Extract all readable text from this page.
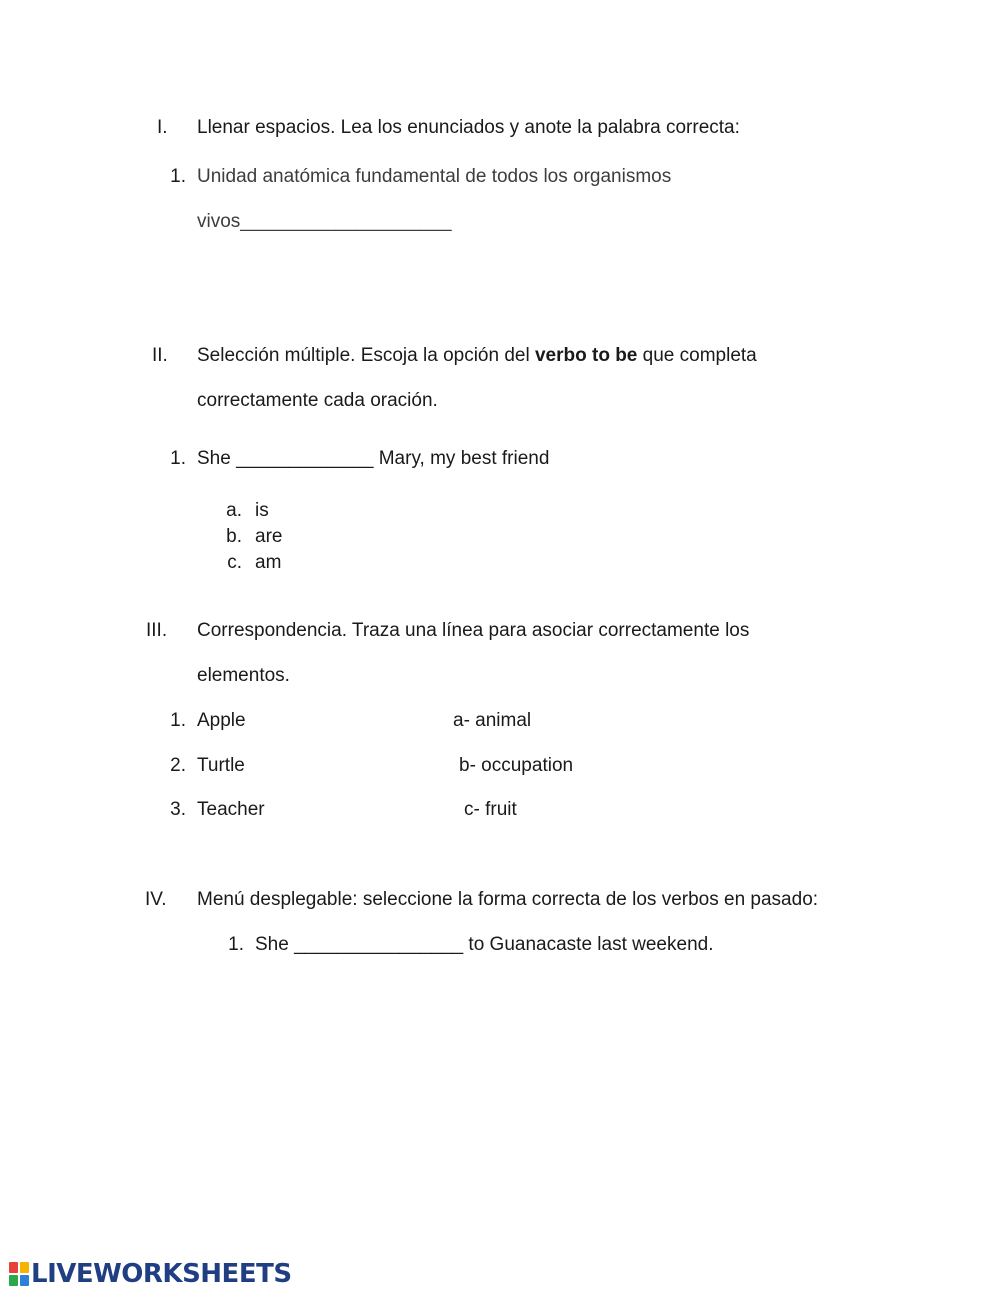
I. Llenar espacios. Lea los enunciados y anote la palabra correcta:
1. Unidad anatómica fundamental de todos los organismos
vivos____________________
II. Selección múltiple. Escoja la opción del verbo to be que completa
correctamente cada oración.
1. She _____________ Mary, my best friend
a. is
b. are
c. am
III. Correspondencia. Traza una línea para asociar correctamente los
elementos.
1. Apple	a- animal
2. Turtle	b- occupation
3. Teacher	c- fruit
IV. Menú desplegable: seleccione la forma correcta de los verbos en pasado:
1. She ________________ to Guanacaste last weekend.
LIVEWORKSHEETS
